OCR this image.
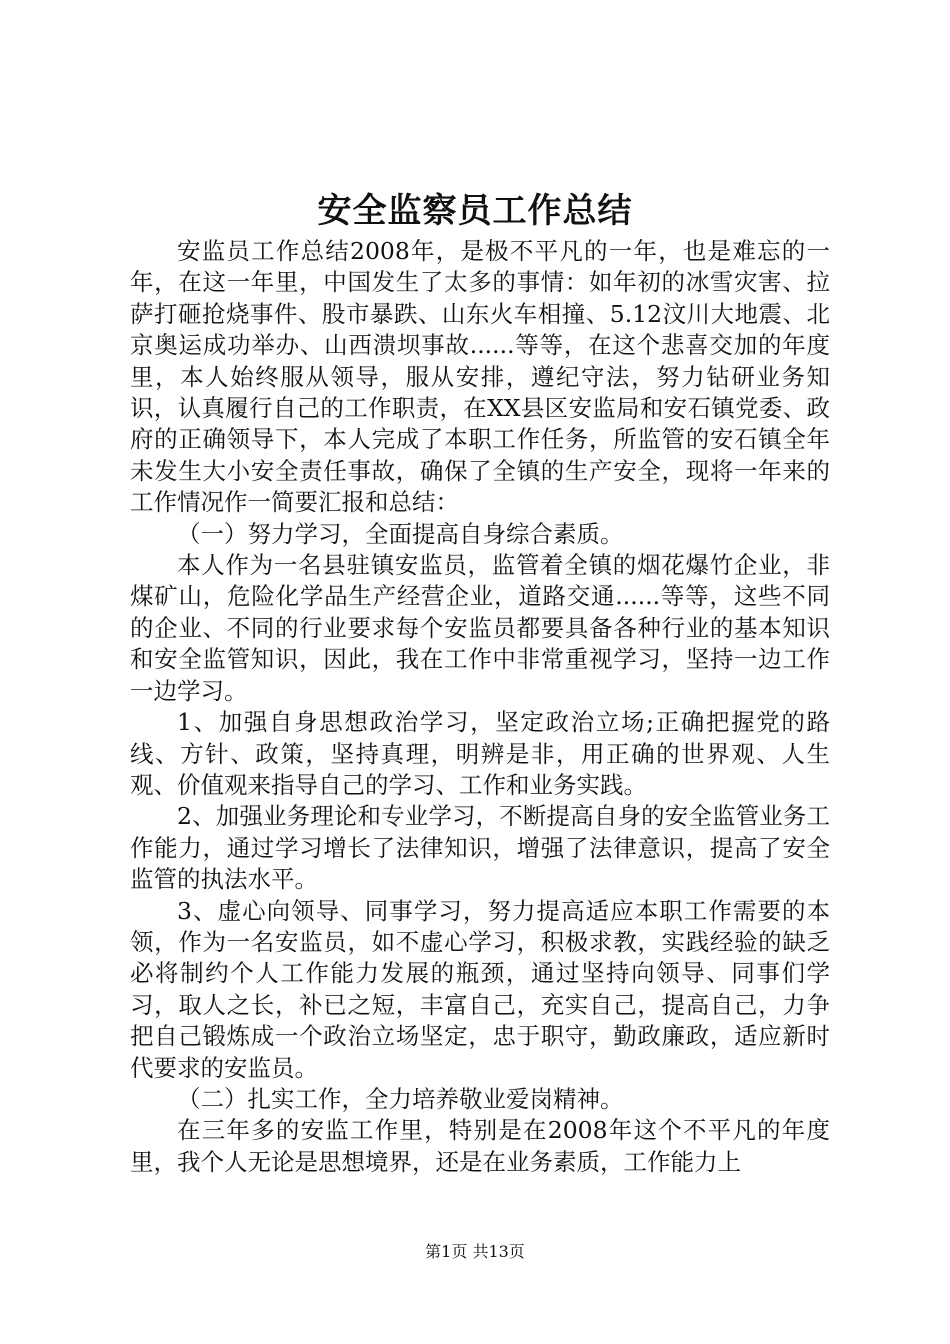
安全监察员工作总结

安监员工作总结2008年，是极不平凡的一年，也是难忘的一年，在这一年里，中国发生了太多的事情：如年初的冰雪灾害、拉萨打砸抢烧事件、股市暴跌、山东火车相撞、5.12汶川大地震、北京奥运成功举办、山西溃坝事故......等等，在这个悲喜交加的年度里，本人始终服从领导，服从安排，遵纪守法，努力钻研业务知识，认真履行自己的工作职责，在XX县区安监局和安石镇党委、政府的正确领导下，本人完成了本职工作任务，所监管的安石镇全年未发生大小安全责任事故，确保了全镇的生产安全，现将一年来的工作情况作一简要汇报和总结：

（一）努力学习，全面提高自身综合素质。

本人作为一名县驻镇安监员，监管着全镇的烟花爆竹企业，非煤矿山，危险化学品生产经营企业，道路交通......等等，这些不同的企业、不同的行业要求每个安监员都要具备各种行业的基本知识和安全监管知识，因此，我在工作中非常重视学习，坚持一边工作一边学习。

1、加强自身思想政治学习，坚定政治立场;正确把握党的路线、方针、政策，坚持真理，明辨是非，用正确的世界观、人生观、价值观来指导自己的学习、工作和业务实践。

2、加强业务理论和专业学习，不断提高自身的安全监管业务工作能力，通过学习增长了法律知识，增强了法律意识，提高了安全监管的执法水平。

3、虚心向领导、同事学习，努力提高适应本职工作需要的本领，作为一名安监员，如不虚心学习，积极求教，实践经验的缺乏必将制约个人工作能力发展的瓶颈，通过坚持向领导、同事们学习，取人之长，补已之短，丰富自己，充实自己，提高自己，力争把自己锻炼成一个政治立场坚定，忠于职守，勤政廉政，适应新时代要求的安监员。

（二）扎实工作，全力培养敬业爱岗精神。

在三年多的安监工作里，特别是在2008年这个不平凡的年度里，我个人无论是思想境界，还是在业务素质，工作能力上

第1页 共13页
